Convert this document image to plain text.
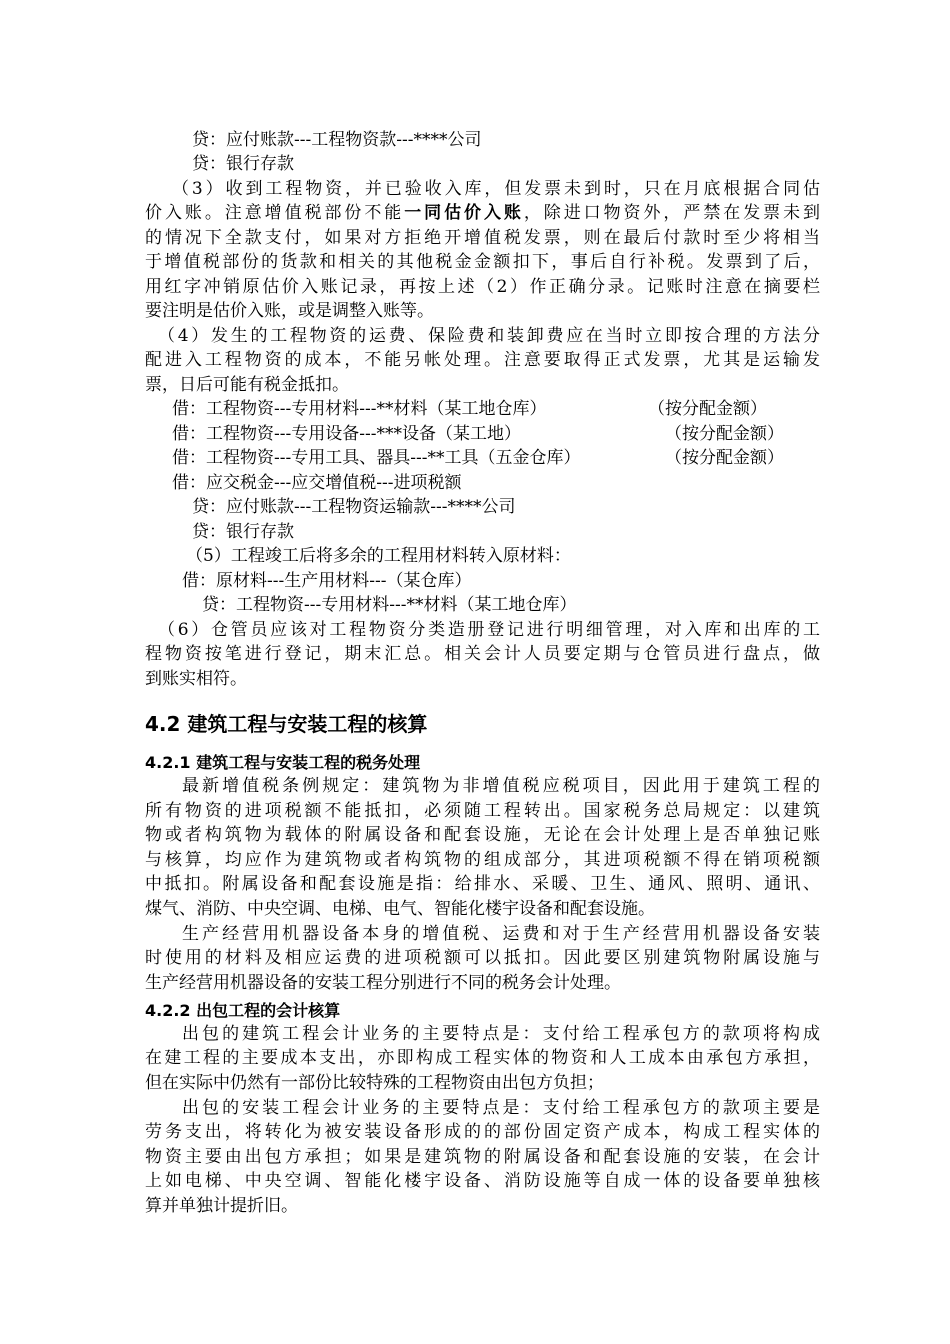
贷：应付账款---工程物资款---****公司
贷：银行存款
（3）收到工程物资，并已验收入库，但发票未到时，只在月底根据合同估
价入账。注意增值税部份不能一同估价入账，除进口物资外，严禁在发票未到
的情况下全款支付，如果对方拒绝开增值税发票，则在最后付款时至少将相当
于增值税部份的货款和相关的其他税金金额扣下，事后自行补税。发票到了后，
用红字冲销原估价入账记录，再按上述（2）作正确分录。记账时注意在摘要栏
要注明是估价入账，或是调整入账等。
（4）发生的工程物资的运费、保险费和装卸费应在当时立即按合理的方法分
配进入工程物资的成本，不能另帐处理。注意要取得正式发票，尤其是运输发
票，日后可能有税金抵扣。
借：工程物资---专用材料---**材料（某工地仓库）	（按分配金额）
借：工程物资---专用设备---***设备（某工地）	（按分配金额）
借：工程物资---专用工具、器具---**工具（五金仓库）	（按分配金额）
借：应交税金---应交增值税---进项税额
贷：应付账款---工程物资运输款---****公司
贷：银行存款
（5）工程竣工后将多余的工程用材料转入原材料：
借：原材料---生产用材料---（某仓库）
贷：工程物资---专用材料---**材料（某工地仓库）
（6）仓管员应该对工程物资分类造册登记进行明细管理，对入库和出库的工
程物资按笔进行登记，期末汇总。相关会计人员要定期与仓管员进行盘点，做
到账实相符。
4.2 建筑工程与安装工程的核算
4.2.1 建筑工程与安装工程的税务处理
最新增值税条例规定：建筑物为非增值税应税项目，因此用于建筑工程的
所有物资的进项税额不能抵扣，必须随工程转出。国家税务总局规定：以建筑
物或者构筑物为载体的附属设备和配套设施，无论在会计处理上是否单独记账
与核算，均应作为建筑物或者构筑物的组成部分，其进项税额不得在销项税额
中抵扣。附属设备和配套设施是指：给排水、采暖、卫生、通风、照明、通讯、
煤气、消防、中央空调、电梯、电气、智能化楼宇设备和配套设施。
生产经营用机器设备本身的增值税、运费和对于生产经营用机器设备安装
时使用的材料及相应运费的进项税额可以抵扣。因此要区别建筑物附属设施与
生产经营用机器设备的安装工程分别进行不同的税务会计处理。
4.2.2 出包工程的会计核算
出包的建筑工程会计业务的主要特点是：支付给工程承包方的款项将构成
在建工程的主要成本支出，亦即构成工程实体的物资和人工成本由承包方承担，
但在实际中仍然有一部份比较特殊的工程物资由出包方负担；
出包的安装工程会计业务的主要特点是：支付给工程承包方的款项主要是
劳务支出，将转化为被安装设备形成的的部份固定资产成本，构成工程实体的
物资主要由出包方承担；如果是建筑物的附属设备和配套设施的安装，在会计
上如电梯、中央空调、智能化楼宇设备、消防设施等自成一体的设备要单独核
算并单独计提折旧。
